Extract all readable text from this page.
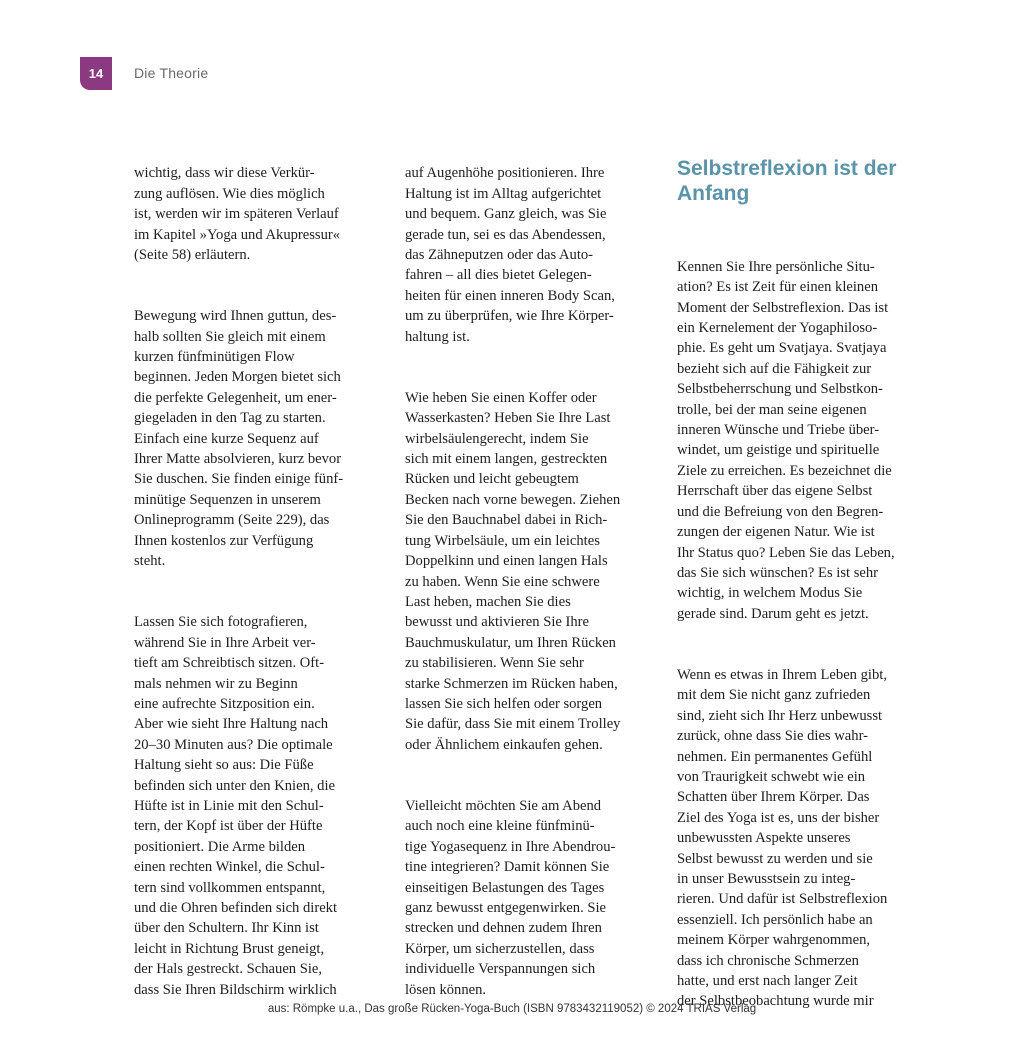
14	Die Theorie

wichtig, dass wir diese Verkür-
zung auflösen. Wie dies möglich
ist, werden wir im späteren Verlauf
im Kapitel »Yoga und Akupressur«
(Seite 58) erläutern.

Bewegung wird Ihnen guttun, des-
halb sollten Sie gleich mit einem
kurzen fünfminütigen Flow
beginnen. Jeden Morgen bietet sich
die perfekte Gelegenheit, um ener-
giegeladen in den Tag zu starten.
Einfach eine kurze Sequenz auf
Ihrer Matte absolvieren, kurz bevor
Sie duschen. Sie finden einige fünf-
minütige Sequenzen in unserem
Onlineprogramm (Seite 229), das
Ihnen kostenlos zur Verfügung
steht.

Lassen Sie sich fotografieren,
während Sie in Ihre Arbeit ver-
tieft am Schreibtisch sitzen. Oft-
mals nehmen wir zu Beginn
eine aufrechte Sitzposition ein.
Aber wie sieht Ihre Haltung nach
20–30 Minuten aus? Die optimale
Haltung sieht so aus: Die Füße
befinden sich unter den Knien, die
Hüfte ist in Linie mit den Schul-
tern, der Kopf ist über der Hüfte
positioniert. Die Arme bilden
einen rechten Winkel, die Schul-
tern sind vollkommen entspannt,
und die Ohren befinden sich direkt
über den Schultern. Ihr Kinn ist
leicht in Richtung Brust geneigt,
der Hals gestreckt. Schauen Sie,
dass Sie Ihren Bildschirm wirklich

auf Augenhöhe positionieren. Ihre
Haltung ist im Alltag aufgerichtet
und bequem. Ganz gleich, was Sie
gerade tun, sei es das Abendessen,
das Zähneputzen oder das Auto-
fahren – all dies bietet Gelegen-
heiten für einen inneren Body Scan,
um zu überprüfen, wie Ihre Körper-
haltung ist.

Wie heben Sie einen Koffer oder
Wasserkasten? Heben Sie Ihre Last
wirbelsäulengerecht, indem Sie
sich mit einem langen, gestreckten
Rücken und leicht gebeugtem
Becken nach vorne bewegen. Ziehen
Sie den Bauchnabel dabei in Rich-
tung Wirbelsäule, um ein leichtes
Doppelkinn und einen langen Hals
zu haben. Wenn Sie eine schwere
Last heben, machen Sie dies
bewusst und aktivieren Sie Ihre
Bauchmuskulatur, um Ihren Rücken
zu stabilisieren. Wenn Sie sehr
starke Schmerzen im Rücken haben,
lassen Sie sich helfen oder sorgen
Sie dafür, dass Sie mit einem Trolley
oder Ähnlichem einkaufen gehen.

Vielleicht möchten Sie am Abend
auch noch eine kleine fünfminü-
tige Yogasequenz in Ihre Abendrou-
tine integrieren? Damit können Sie
einseitigen Belastungen des Tages
ganz bewusst entgegenwirken. Sie
strecken und dehnen zudem Ihren
Körper, um sicherzustellen, dass
individuelle Verspannungen sich
lösen können.

Selbstreflexion ist der
Anfang

Kennen Sie Ihre persönliche Situ-
ation? Es ist Zeit für einen kleinen
Moment der Selbstreflexion. Das ist
ein Kernelement der Yogaphiloso-
phie. Es geht um Svatjaya. Svatjaya
bezieht sich auf die Fähigkeit zur
Selbstbeherrschung und Selbstkon-
trolle, bei der man seine eigenen
inneren Wünsche und Triebe über-
windet, um geistige und spirituelle
Ziele zu erreichen. Es bezeichnet die
Herrschaft über das eigene Selbst
und die Befreiung von den Begren-
zungen der eigenen Natur. Wie ist
Ihr Status quo? Leben Sie das Leben,
das Sie sich wünschen? Es ist sehr
wichtig, in welchem Modus Sie
gerade sind. Darum geht es jetzt.

Wenn es etwas in Ihrem Leben gibt,
mit dem Sie nicht ganz zufrieden
sind, zieht sich Ihr Herz unbewusst
zurück, ohne dass Sie dies wahr-
nehmen. Ein permanentes Gefühl
von Traurigkeit schwebt wie ein
Schatten über Ihrem Körper. Das
Ziel des Yoga ist es, uns der bisher
unbewussten Aspekte unseres
Selbst bewusst zu werden und sie
in unser Bewusstsein zu integ-
rieren. Und dafür ist Selbstreflexion
essenziell. Ich persönlich habe an
meinem Körper wahrgenommen,
dass ich chronische Schmerzen
hatte, und erst nach langer Zeit
der Selbstbeobachtung wurde mir

aus: Römpke u.a., Das große Rücken-Yoga-Buch (ISBN 9783432119052) © 2024 TRIAS Verlag
